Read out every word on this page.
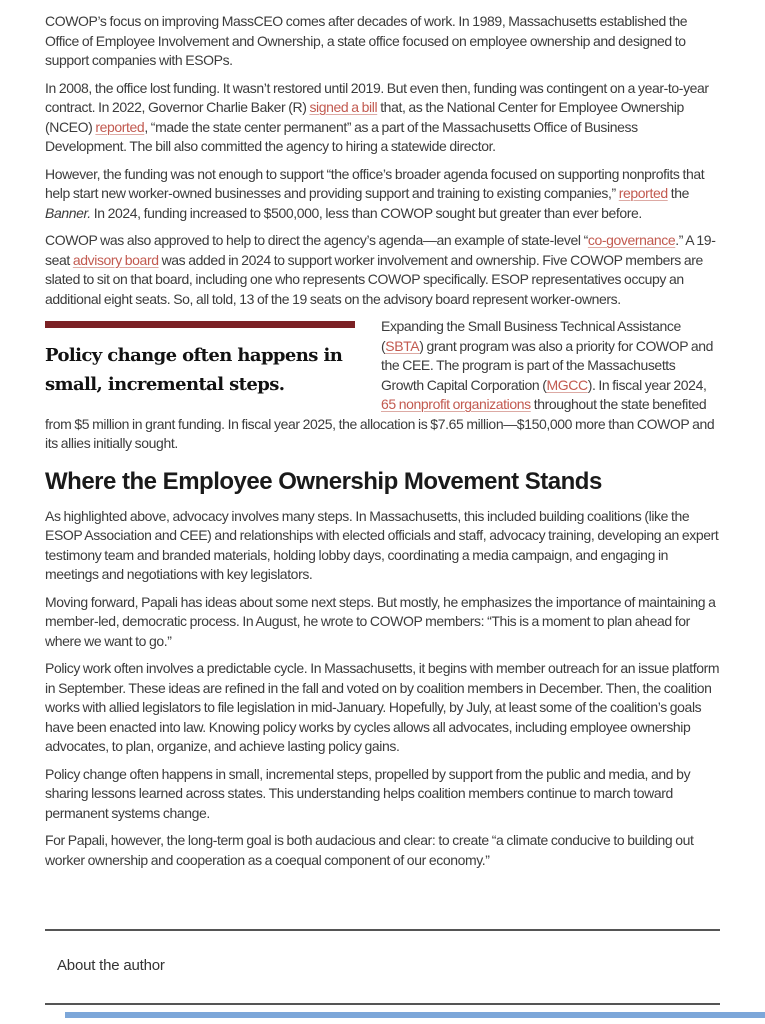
COWOP’s focus on improving MassCEO comes after decades of work. In 1989, Massachusetts established the Office of Employee Involvement and Ownership, a state office focused on employee ownership and designed to support companies with ESOPs.

In 2008, the office lost funding. It wasn’t restored until 2019. But even then, funding was contingent on a year-to-year contract. In 2022, Governor Charlie Baker (R) signed a bill that, as the National Center for Employee Ownership (NCEO) reported, “made the state center permanent” as a part of the Massachusetts Office of Business Development. The bill also committed the agency to hiring a statewide director.

However, the funding was not enough to support “the office’s broader agenda focused on supporting nonprofits that help start new worker-owned businesses and providing support and training to existing companies,” reported the Banner. In 2024, funding increased to $500,000, less than COWOP sought but greater than ever before.

COWOP was also approved to help to direct the agency’s agenda—an example of state-level “co-governance.” A 19-seat advisory board was added in 2024 to support worker involvement and ownership. Five COWOP members are slated to sit on that board, including one who represents COWOP specifically. ESOP representatives occupy an additional eight seats. So, all told, 13 of the 19 seats on the advisory board represent worker-owners.

Policy change often happens in small, incremental steps.

Expanding the Small Business Technical Assistance (SBTA) grant program was also a priority for COWOP and the CEE. The program is part of the Massachusetts Growth Capital Corporation (MGCC). In fiscal year 2024, 65 nonprofit organizations throughout the state benefited from $5 million in grant funding. In fiscal year 2025, the allocation is $7.65 million—$150,000 more than COWOP and its allies initially sought.

Where the Employee Ownership Movement Stands

As highlighted above, advocacy involves many steps. In Massachusetts, this included building coalitions (like the ESOP Association and CEE) and relationships with elected officials and staff, advocacy training, developing an expert testimony team and branded materials, holding lobby days, coordinating a media campaign, and engaging in meetings and negotiations with key legislators.

Moving forward, Papali has ideas about some next steps. But mostly, he emphasizes the importance of maintaining a member-led, democratic process. In August, he wrote to COWOP members: “This is a moment to plan ahead for where we want to go.”

Policy work often involves a predictable cycle. In Massachusetts, it begins with member outreach for an issue platform in September. These ideas are refined in the fall and voted on by coalition members in December. Then, the coalition works with allied legislators to file legislation in mid-January. Hopefully, by July, at least some of the coalition’s goals have been enacted into law. Knowing policy works by cycles allows all advocates, including employee ownership advocates, to plan, organize, and achieve lasting policy gains.

Policy change often happens in small, incremental steps, propelled by support from the public and media, and by sharing lessons learned across states. This understanding helps coalition members continue to march toward permanent systems change.

For Papali, however, the long-term goal is both audacious and clear: to create “a climate conducive to building out worker ownership and cooperation as a coequal component of our economy.”

About the author
